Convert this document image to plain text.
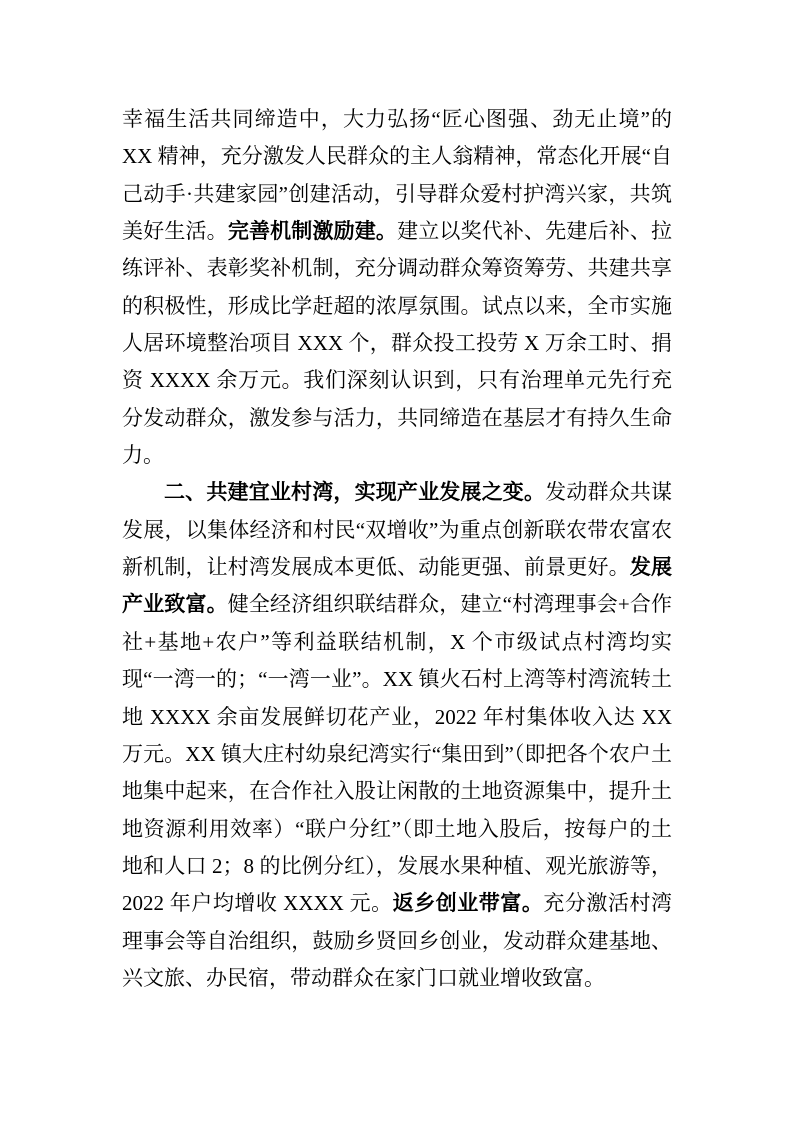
幸福生活共同缔造中，大力弘扬“匠心图强、劲无止境”的 XX 精神，充分激发人民群众的主人翁精神，常态化开展“自己动手·共建家园”创建活动，引导群众爱村护湾兴家，共筑美好生活。完善机制激励建。建立以奖代补、先建后补、拉练评补、表彰奖补机制，充分调动群众筹资筹劳、共建共享的积极性，形成比学赶超的浓厚氛围。试点以来，全市实施人居环境整治项目 XXX 个，群众投工投劳 X 万余工时、捐资 XXXX 余万元。我们深刻认识到，只有治理单元先行充分发动群众，激发参与活力，共同缔造在基层才有持久生命力。

二、共建宜业村湾，实现产业发展之变。发动群众共谋发展，以集体经济和村民“双增收”为重点创新联农带农富农新机制，让村湾发展成本更低、动能更强、前景更好。发展产业致富。健全经济组织联结群众，建立“村湾理事会+合作社+基地+农户”等利益联结机制，X 个市级试点村湾均实现“一湾一的；“一湾一业”。XX 镇火石村上湾等村湾流转土地 XXXX 余亩发展鲜切花产业，2022 年村集体收入达 XX 万元。XX 镇大庄村幼泉纪湾实行“集田到”（即把各个农户土地集中起来，在合作社入股让闲散的土地资源集中，提升土地资源利用效率）“联户分红”（即土地入股后，按每户的土地和人口 2；8 的比例分红），发展水果种植、观光旅游等，2022 年户均增收 XXXX 元。返乡创业带富。充分激活村湾理事会等自治组织，鼓励乡贤回乡创业，发动群众建基地、兴文旅、办民宿，带动群众在家门口就业增收致富。
